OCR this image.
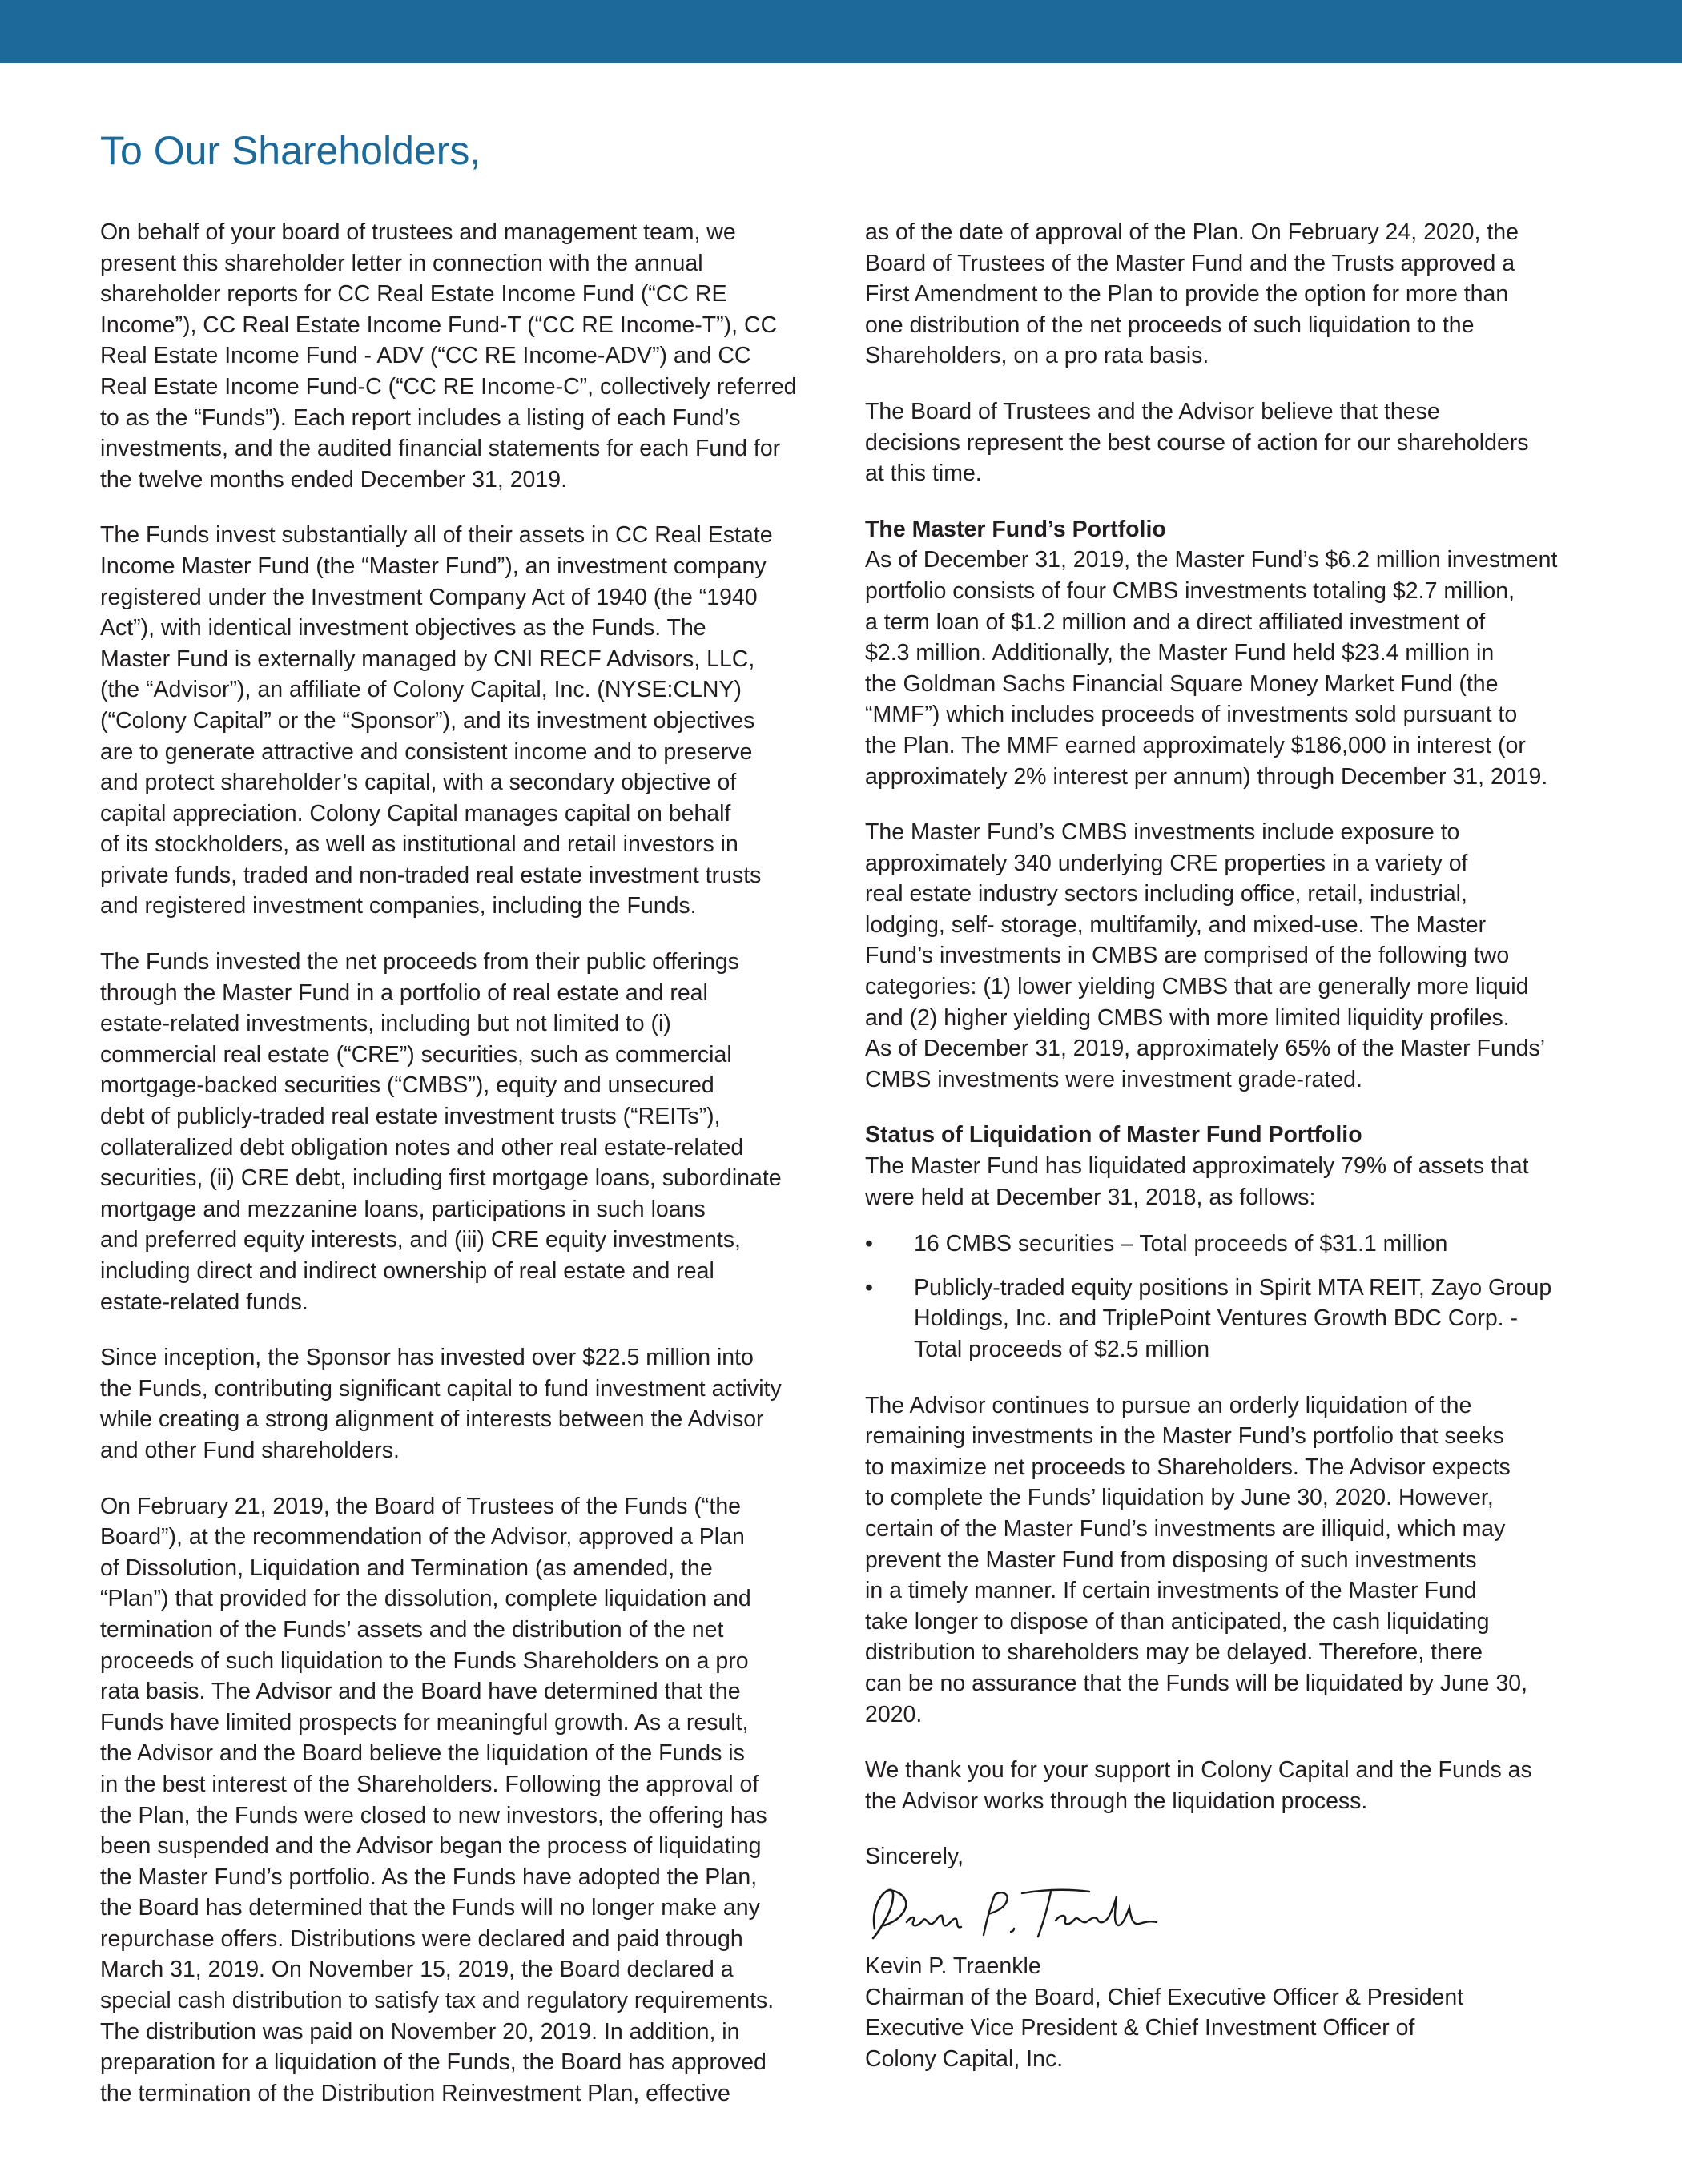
To Our Shareholders,

On behalf of your board of trustees and management team, we
present this shareholder letter in connection with the annual
shareholder reports for CC Real Estate Income Fund (“CC RE
Income”), CC Real Estate Income Fund-T (“CC RE Income-T”), CC
Real Estate Income Fund - ADV (“CC RE Income-ADV”) and CC
Real Estate Income Fund-C (“CC RE Income-C”, collectively referred
to as the “Funds”). Each report includes a listing of each Fund’s
investments, and the audited financial statements for each Fund for
the twelve months ended December 31, 2019.

The Funds invest substantially all of their assets in CC Real Estate
Income Master Fund (the “Master Fund”), an investment company
registered under the Investment Company Act of 1940 (the “1940
Act”), with identical investment objectives as the Funds. The
Master Fund is externally managed by CNI RECF Advisors, LLC,
(the “Advisor”), an affiliate of Colony Capital, Inc. (NYSE:CLNY)
(“Colony Capital” or the “Sponsor”), and its investment objectives
are to generate attractive and consistent income and to preserve
and protect shareholder’s capital, with a secondary objective of
capital appreciation. Colony Capital manages capital on behalf
of its stockholders, as well as institutional and retail investors in
private funds, traded and non-traded real estate investment trusts
and registered investment companies, including the Funds.

The Funds invested the net proceeds from their public offerings
through the Master Fund in a portfolio of real estate and real
estate-related investments, including but not limited to (i)
commercial real estate (“CRE”) securities, such as commercial
mortgage-backed securities (“CMBS”), equity and unsecured
debt of publicly-traded real estate investment trusts (“REITs”),
collateralized debt obligation notes and other real estate-related
securities, (ii) CRE debt, including first mortgage loans, subordinate
mortgage and mezzanine loans, participations in such loans
and preferred equity interests, and (iii) CRE equity investments,
including direct and indirect ownership of real estate and real
estate-related funds.

Since inception, the Sponsor has invested over $22.5 million into
the Funds, contributing significant capital to fund investment activity
while creating a strong alignment of interests between the Advisor
and other Fund shareholders.

On February 21, 2019, the Board of Trustees of the Funds (“the
Board”), at the recommendation of the Advisor, approved a Plan
of Dissolution, Liquidation and Termination (as amended, the
“Plan”) that provided for the dissolution, complete liquidation and
termination of the Funds’ assets and the distribution of the net
proceeds of such liquidation to the Funds Shareholders on a pro
rata basis. The Advisor and the Board have determined that the
Funds have limited prospects for meaningful growth. As a result,
the Advisor and the Board believe the liquidation of the Funds is
in the best interest of the Shareholders. Following the approval of
the Plan, the Funds were closed to new investors, the offering has
been suspended and the Advisor began the process of liquidating
the Master Fund’s portfolio. As the Funds have adopted the Plan,
the Board has determined that the Funds will no longer make any
repurchase offers. Distributions were declared and paid through
March 31, 2019. On November 15, 2019, the Board declared a
special cash distribution to satisfy tax and regulatory requirements.
The distribution was paid on November 20, 2019. In addition, in
preparation for a liquidation of the Funds, the Board has approved
the termination of the Distribution Reinvestment Plan, effective

as of the date of approval of the Plan. On February 24, 2020, the
Board of Trustees of the Master Fund and the Trusts approved a
First Amendment to the Plan to provide the option for more than
one distribution of the net proceeds of such liquidation to the
Shareholders, on a pro rata basis.

The Board of Trustees and the Advisor believe that these
decisions represent the best course of action for our shareholders
at this time.

The Master Fund’s Portfolio

As of December 31, 2019, the Master Fund’s $6.2 million investment
portfolio consists of four CMBS investments totaling $2.7 million,
a term loan of $1.2 million and a direct affiliated investment of
$2.3 million. Additionally, the Master Fund held $23.4 million in
the Goldman Sachs Financial Square Money Market Fund (the
“MMF”) which includes proceeds of investments sold pursuant to
the Plan. The MMF earned approximately $186,000 in interest (or
approximately 2% interest per annum) through December 31, 2019.

The Master Fund’s CMBS investments include exposure to
approximately 340 underlying CRE properties in a variety of
real estate industry sectors including office, retail, industrial,
lodging, self- storage, multifamily, and mixed-use. The Master
Fund’s investments in CMBS are comprised of the following two
categories: (1) lower yielding CMBS that are generally more liquid
and (2) higher yielding CMBS with more limited liquidity profiles.
As of December 31, 2019, approximately 65% of the Master Funds’
CMBS investments were investment grade-rated.

Status of Liquidation of Master Fund Portfolio

The Master Fund has liquidated approximately 79% of assets that
were held at December 31, 2018, as follows:

• 16 CMBS securities – Total proceeds of $31.1 million
• Publicly-traded equity positions in Spirit MTA REIT, Zayo Group
Holdings, Inc. and TriplePoint Ventures Growth BDC Corp. -
Total proceeds of $2.5 million

The Advisor continues to pursue an orderly liquidation of the
remaining investments in the Master Fund’s portfolio that seeks
to maximize net proceeds to Shareholders. The Advisor expects
to complete the Funds’ liquidation by June 30, 2020. However,
certain of the Master Fund’s investments are illiquid, which may
prevent the Master Fund from disposing of such investments
in a timely manner. If certain investments of the Master Fund
take longer to dispose of than anticipated, the cash liquidating
distribution to shareholders may be delayed. Therefore, there
can be no assurance that the Funds will be liquidated by June 30,
2020.

We thank you for your support in Colony Capital and the Funds as
the Advisor works through the liquidation process.

Sincerely,
Kevin P. Traenkle
Chairman of the Board, Chief Executive Officer & President
Executive Vice President & Chief Investment Officer of
Colony Capital, Inc.
